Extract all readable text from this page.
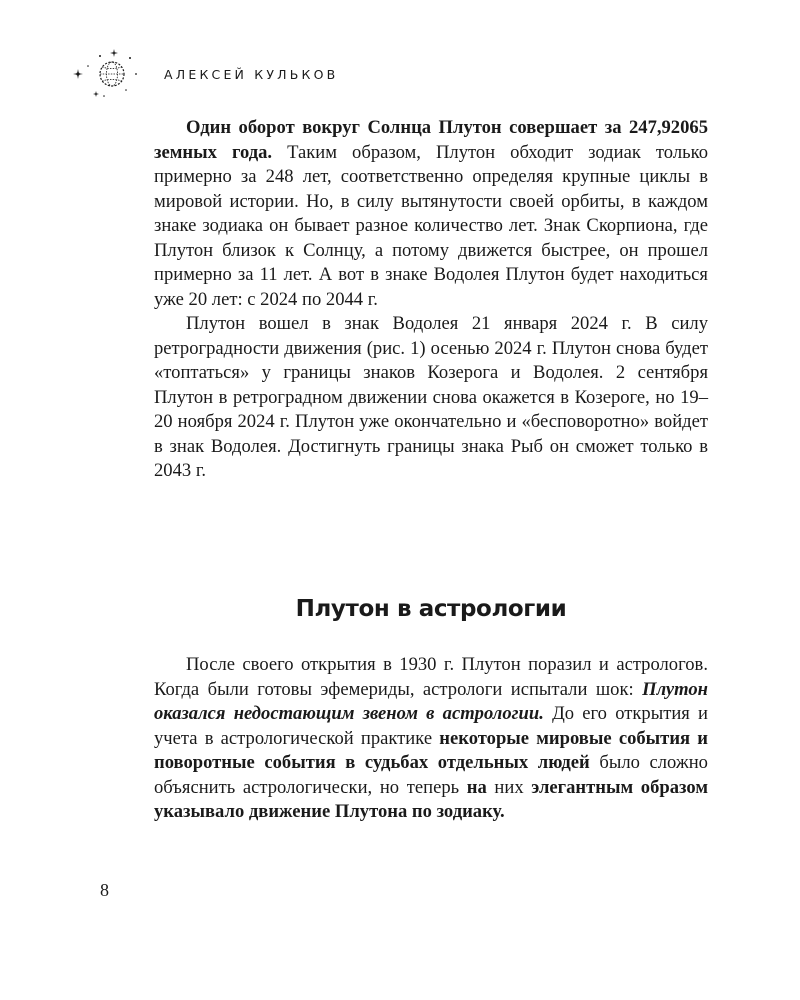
АЛЕКСЕЙ КУЛЬКОВ

Один оборот вокруг Солнца Плутон совершает за 247,92065 земных года. Таким образом, Плутон обходит зодиак только примерно за 248 лет, соответственно определяя крупные циклы в мировой истории. Но, в силу вытянутости своей орбиты, в каждом знаке зодиака он бывает разное количество лет. Знак Скорпиона, где Плутон близок к Солнцу, а потому движется быстрее, он прошел примерно за 11 лет. А вот в знаке Водолея Плутон будет находиться уже 20 лет: с 2024 по 2044 г.

Плутон вошел в знак Водолея 21 января 2024 г. В силу ретроградности движения (рис. 1) осенью 2024 г. Плутон снова будет «топтаться» у границы знаков Козерога и Водолея. 2 сентября Плутон в ретроградном движении снова окажется в Козероге, но 19–20 ноября 2024 г. Плутон уже окончательно и «бесповоротно» войдет в знак Водолея. Достигнуть границы знака Рыб он сможет только в 2043 г.

Плутон в астрологии

После своего открытия в 1930 г. Плутон поразил и астрологов. Когда были готовы эфемериды, астрологи испытали шок: Плутон оказался недостающим звеном в астрологии. До его открытия и учета в астрологической практике некоторые мировые события и поворотные события в судьбах отдельных людей было сложно объяснить астрологически, но теперь на них элегантным образом указывало движение Плутона по зодиаку.

8
